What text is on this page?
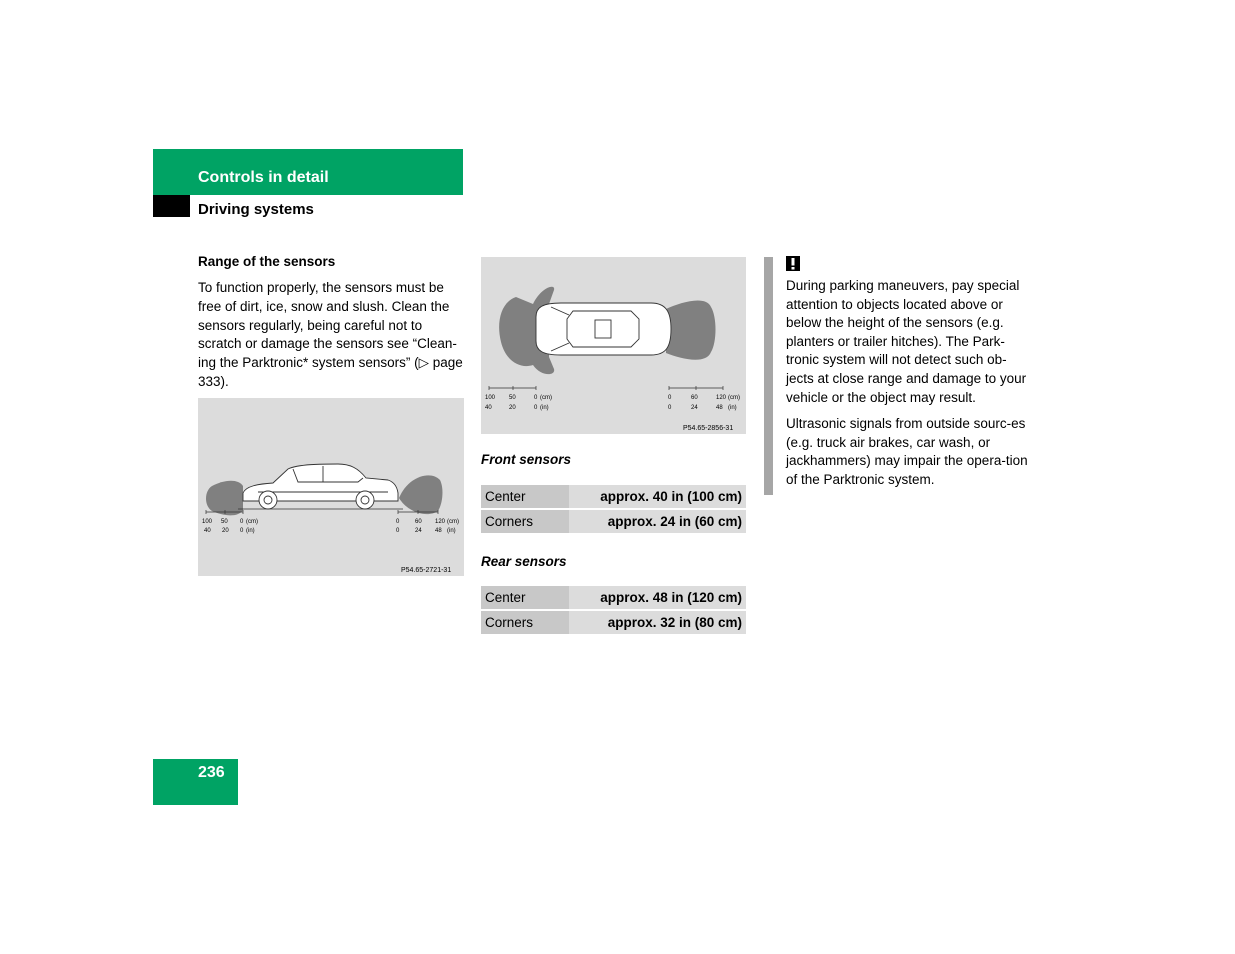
Controls in detail
Driving systems
Range of the sensors
To function properly, the sensors must be free of dirt, ice, snow and slush. Clean the sensors regularly, being careful not to scratch or damage the sensors see “Clean-ing the Parktronic* system sensors” (▷ page 333).
100 50 0 (cm)
40 20 0 (in)
0	60 120 (cm)
0	24 48 (in)
P54.65-2721-31
100 50	0 (cm)
40	20	0 (in)
0	60	120 (cm)
0	24	48 (in)
P54.65-2856-31
Front sensors
Center	approx. 40 in (100 cm)
Corners	approx. 24 in (60 cm)
Rear sensors
Center	approx. 48 in (120 cm)
Corners	approx. 32 in (80 cm)

During parking maneuvers, pay special attention to objects located above or below the height of the sensors (e.g. planters or trailer hitches). The Park-tronic system will not detect such ob-jects at close range and damage to your vehicle or the object may result.

Ultrasonic signals from outside sourc-es (e.g. truck air brakes, car wash, or jackhammers) may impair the opera-tion of the Parktronic system.

236
